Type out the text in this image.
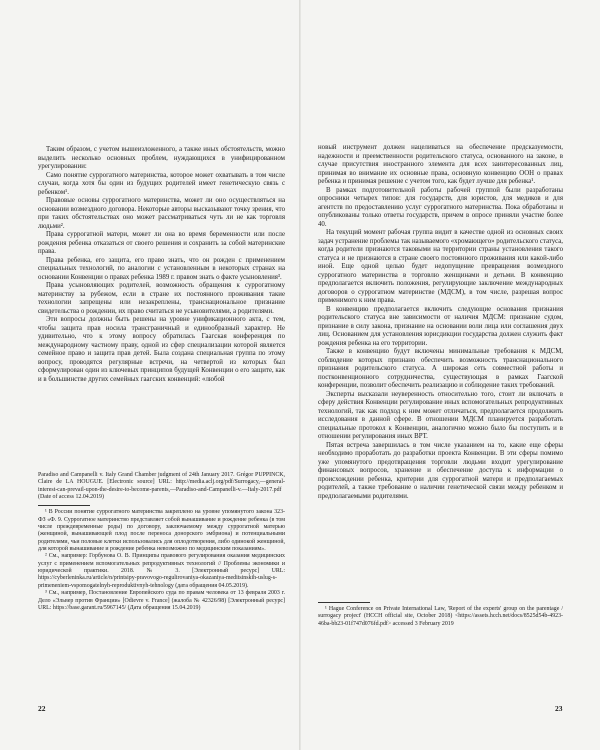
Таким образом, с учетом вышеизложенного, а также иных обстоятельств, можно выделить несколько основных проблем, нуждающихся в унифицированном урегулировании:

Само понятие суррогатного материнства, которое может охватывать в том числе случаи, когда хотя бы один из будущих родителей имеет генетическую связь с ребенком¹.

Правовые основы суррогатного материнства, может ли оно осуществляться на основании возмездного договора. Некоторые авторы высказывают точку зрения, что при таких обстоятельствах оно может рассматриваться чуть ли не как торговля людьми².

Права суррогатной матери, может ли она во время беременности или после рождения ребенка отказаться от своего решения и сохранить за собой материнские права.

Права ребенка, его защита, его право знать, что он рожден с применением специальных технологий, по аналогии с установленным в некоторых странах на основании Конвенции о правах ребенка 1989 г. правом знать о факте усыновления³.

Права усыновляющих родителей, возможность обращения к суррогатному материнству за рубежом, если в стране их постоянного проживания такие технологии запрещены или незакреплены, транснациональное признание свидетельства о рождении, их право считаться не усыновителями, а родителями.

Эти вопросы должны быть решены на уровне унификационного акта, с тем, чтобы защита прав носила трансграничный и единообразный характер. Не удивительно, что к этому вопросу обратилась Гаагская конференция по международному частному праву, одной из сфер специализации которой является семейное право и защита прав детей. Была создана специальная группа по этому вопросу, проводятся регулярные встречи, на четвертой из которых был сформулирован один из ключевых принципов будущей Конвенции о его защите, как и в большинстве других семейных гаагских конвенций: «любой

Paradiso and Campanelli v. Italy Grand Chamber judgment of 24th January 2017. Grégor PUPPINCK, Claire de LA HOUGUE. [Electronic source] URL: http://media.aclj.org/pdf/Surrogacy,—general-interest-can-prevail-upon-the-desire-to-become-parents,—Paradiso-and-Campanelli-v.—Italy-2017.pdf (Date of access 12.04.2019)

¹ В России понятие суррогатного материнства закреплено на уровне упомянутого закона 323-ФЗ «Ф. 9. Суррогатное материнство представляет собой вынашивание и рождение ребенка (в том числе преждевременные роды) по договору, заключаемому между суррогатной матерью (женщиной, вынашивающей плод после переноса донорского эмбриона) и потенциальными родителями, чьи половые клетки использовались для оплодотворения, либо одинокой женщиной, для которой вынашивание и рождение ребенка невозможно по медицинским показаниям».

² См., например: Горбунова О. В. Принципы правового регулирования оказания медицинских услуг с применением вспомогательных репродуктивных технологий // Проблемы экономики и юридической практики. 2018. № 3. [Электронный ресурс] URL: https://cyberleninka.ru/article/n/printsipy-pravovogo-regulirovaniya-okazaniya-meditsinskih-uslug-s-primeneniem-vspomogatelnyh-reproduktivnyh-tehnology (дата обращения 04.05.2019).

³ См., например, Постановление Европейского суда по правам человека от 13 февраля 2003 г. Дело «Эльвер против Франции» [Odievre v. France] (жалоба № 42326/98) [Электронный ресурс] URL: https://base.garant.ru/5967145/ (Дата обращения 15.04.2019)

22

новый инструмент должен нацеливаться на обеспечение предсказуемости, надежности и преемственности родительского статуса, основанного на законе, в случае присутствия иностранного элемента для всех заинтересованных лиц, принимая во внимание их основные права, основную конвенцию ООН о правах ребенка и принимая решение с учетом того, как будет лучше для ребенка¹.

В рамках подготовительной работы рабочей группой были разработаны опросники четырех типов: для государств, для юристов, для медиков и для агентств по предоставлению услуг суррогатного материнства. Пока обработаны и опубликованы только ответы государств, причем в опросе приняли участие более 40.

На текущий момент рабочая группа видит в качестве одной из основных своих задач устранение проблемы так называемого «хромающего» родительского статуса, когда родители признаются таковыми на территории страны установления такого статуса и не признаются в стране своего постоянного проживания или какой-либо иной. Еще одной целью будет недопущение превращения возмездного суррогатного материнства в торговлю женщинами и детьми. В конвенцию предполагается включить положения, регулирующие заключение международных договоров о суррогатном материнстве (МДСМ), в том числе, разрешая вопрос применимого к ним права.

В конвенцию предполагается включить следующие основания признания родительского статуса вне зависимости от наличия МДСМ: признание судом, признание в силу закона, признание на основании воли лица или соглашения двух лиц. Основанием для установления юрисдикции государства должен служить факт рождения ребенка на его территории.

Также в конвенцию будут включены минимальные требования к МДСМ, соблюдение которых признано обеспечить возможность транснационального признания родительского статуса. А широкая сеть совместной работы и постконвенционного сотрудничества, существующая в рамках Гаагской конференции, позволит обеспечить реализацию и соблюдение таких требований.

Эксперты высказали неуверенность относительно того, стоит ли включать в сферу действия Конвенции регулирование иных вспомогательных репродуктивных технологий, так как подход к ним может отличаться, предполагается продолжить исследования в данной сфере. В отношении МДСМ планируется разработать специальные протокол к Конвенции, аналогично можно было бы поступить и в отношении регулирования иных ВРТ.

Пятая встреча завершилась в том числе указанием на то, какие еще сферы необходимо проработать до разработки проекта Конвенции. В эти сферы помимо уже упомянутого предотвращения торговли людьми входит урегулирование финансовых вопросов, хранение и обеспечение доступа к информации о происхождении ребенка, критерии для суррогатной матери и предполагаемых родителей, а также требование о наличии генетической связи между ребенком и предполагаемыми родителями.

¹ Hague Conference on Private International Law, 'Report of the experts' group on the parentage / surrogacy project' (HCCH official site, October 2018) <https://assets.hcch.net/docs/8525d54b-4923-46ba-bb23-01f747d076fd.pdf> accessed 3 February 2019

23
